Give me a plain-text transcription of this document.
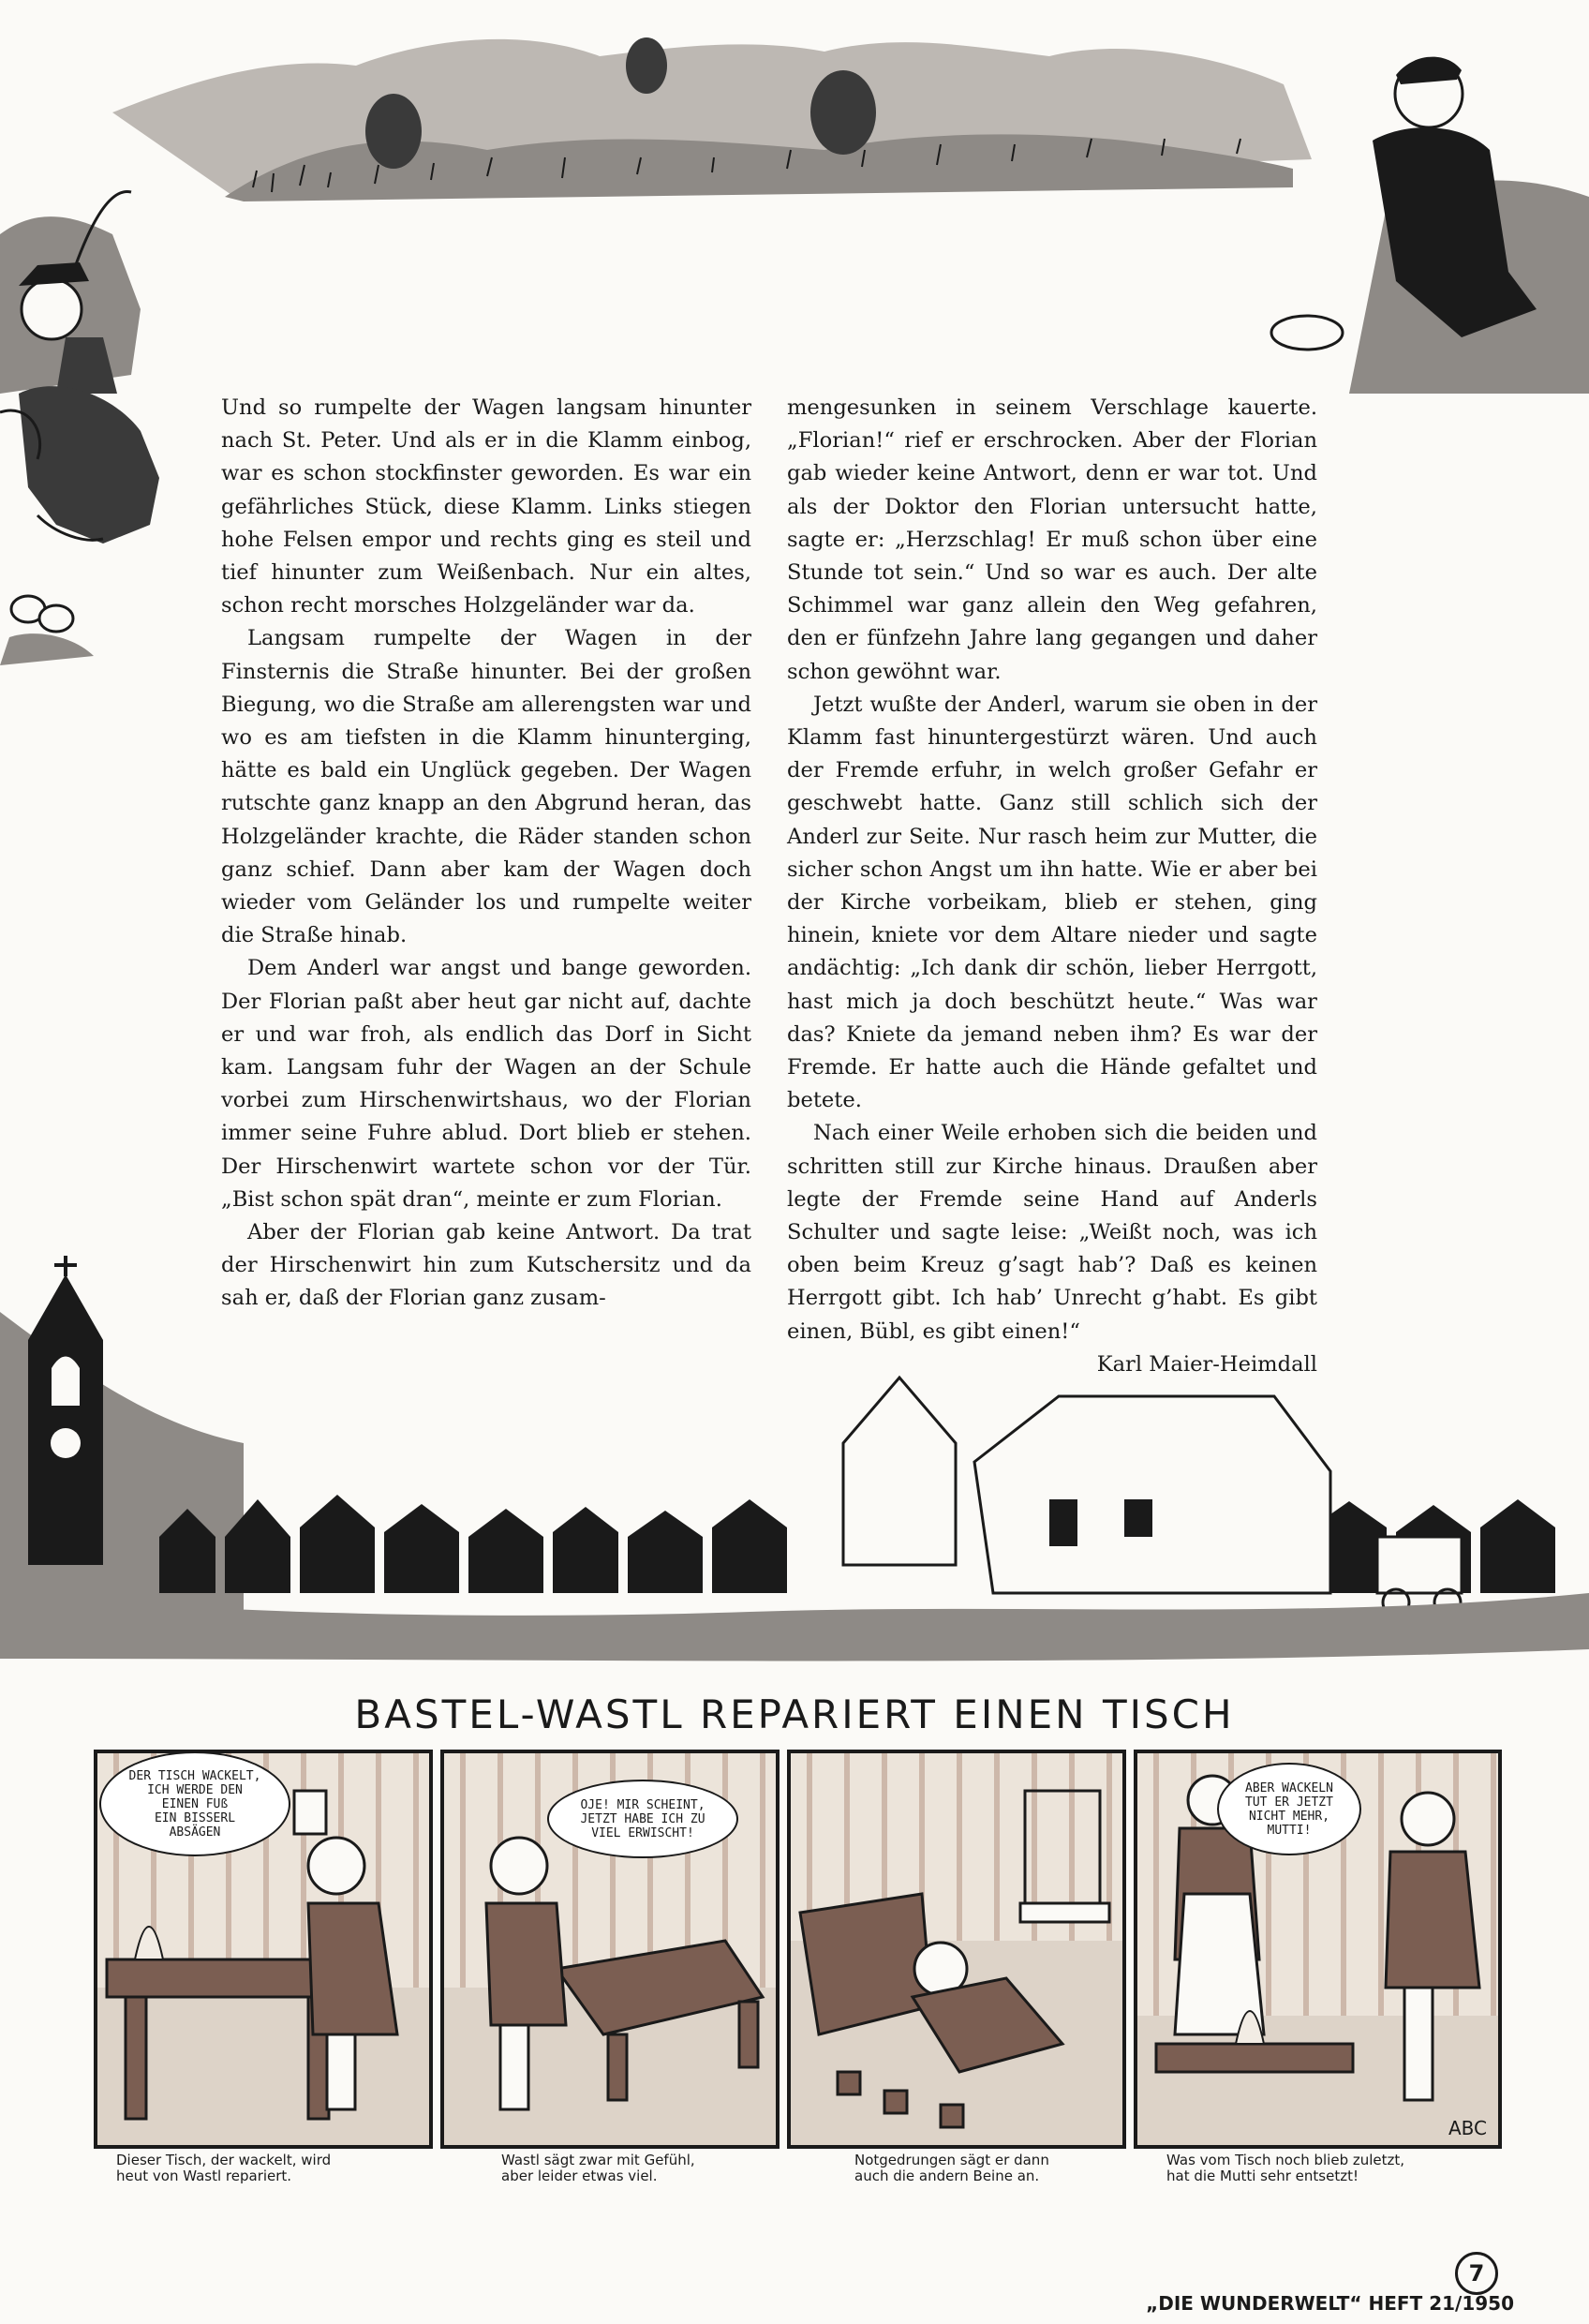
Und so rumpelte der Wagen langsam hinunter nach St. Peter. Und als er in die Klamm einbog, war es schon stockfinster geworden. Es war ein gefährliches Stück, diese Klamm. Links stiegen hohe Felsen empor und rechts ging es steil und tief hinunter zum Weißenbach. Nur ein altes, schon recht morsches Holzgeländer war da.

Langsam rumpelte der Wagen in der Finsternis die Straße hinunter. Bei der großen Biegung, wo die Straße am allerengsten war und wo es am tiefsten in die Klamm hinunterging, hätte es bald ein Unglück gegeben. Der Wagen rutschte ganz knapp an den Abgrund heran, das Holzgeländer krachte, die Räder standen schon ganz schief. Dann aber kam der Wagen doch wieder vom Geländer los und rumpelte weiter die Straße hinab.

Dem Anderl war angst und bange geworden. Der Florian paßt aber heut gar nicht auf, dachte er und war froh, als endlich das Dorf in Sicht kam. Langsam fuhr der Wagen an der Schule vorbei zum Hirschenwirtshaus, wo der Florian immer seine Fuhre ablud. Dort blieb er stehen. Der Hirschenwirt wartete schon vor der Tür. „Bist schon spät dran“, meinte er zum Florian.

Aber der Florian gab keine Antwort. Da trat der Hirschenwirt hin zum Kutschersitz und da sah er, daß der Florian ganz zusam-

mengesunken in seinem Verschlage kauerte. „Florian!“ rief er erschrocken. Aber der Florian gab wieder keine Antwort, denn er war tot. Und als der Doktor den Florian untersucht hatte, sagte er: „Herzschlag! Er muß schon über eine Stunde tot sein.“ Und so war es auch. Der alte Schimmel war ganz allein den Weg gefahren, den er fünfzehn Jahre lang gegangen und daher schon gewöhnt war.

Jetzt wußte der Anderl, warum sie oben in der Klamm fast hinuntergestürzt wären. Und auch der Fremde erfuhr, in welch großer Gefahr er geschwebt hatte. Ganz still schlich sich der Anderl zur Seite. Nur rasch heim zur Mutter, die sicher schon Angst um ihn hatte. Wie er aber bei der Kirche vorbeikam, blieb er stehen, ging hinein, kniete vor dem Altare nieder und sagte andächtig: „Ich dank dir schön, lieber Herrgott, hast mich ja doch beschützt heute.“ Was war das? Kniete da jemand neben ihm? Es war der Fremde. Er hatte auch die Hände gefaltet und betete.

Nach einer Weile erhoben sich die beiden und schritten still zur Kirche hinaus. Draußen aber legte der Fremde seine Hand auf Anderls Schulter und sagte leise: „Weißt noch, was ich oben beim Kreuz g’sagt hab’? Daß es keinen Herrgott gibt. Ich hab’ Unrecht g’habt. Es gibt einen, Bübl, es gibt einen!“

Karl Maier-Heimdall
BASTEL-WASTL REPARIERT EINEN TISCH
DER TISCH WACKELT,
ICH WERDE DEN
EINEN FUß
EIN BISSERL
ABSÄGEN
OJE! MIR SCHEINT,
JETZT HABE ICH ZU
VIEL ERWISCHT!
ABER WACKELN
TUT ER JETZT
NICHT MEHR,
MUTTI!
ABC
Dieser Tisch, der wackelt, wird
heut von Wastl repariert.
Wastl sägt zwar mit Gefühl,
aber leider etwas viel.
Notgedrungen sägt er dann
auch die andern Beine an.
Was vom Tisch noch blieb zuletzt,
hat die Mutti sehr entsetzt!
7
„DIE WUNDERWELT“ HEFT 21/1950
